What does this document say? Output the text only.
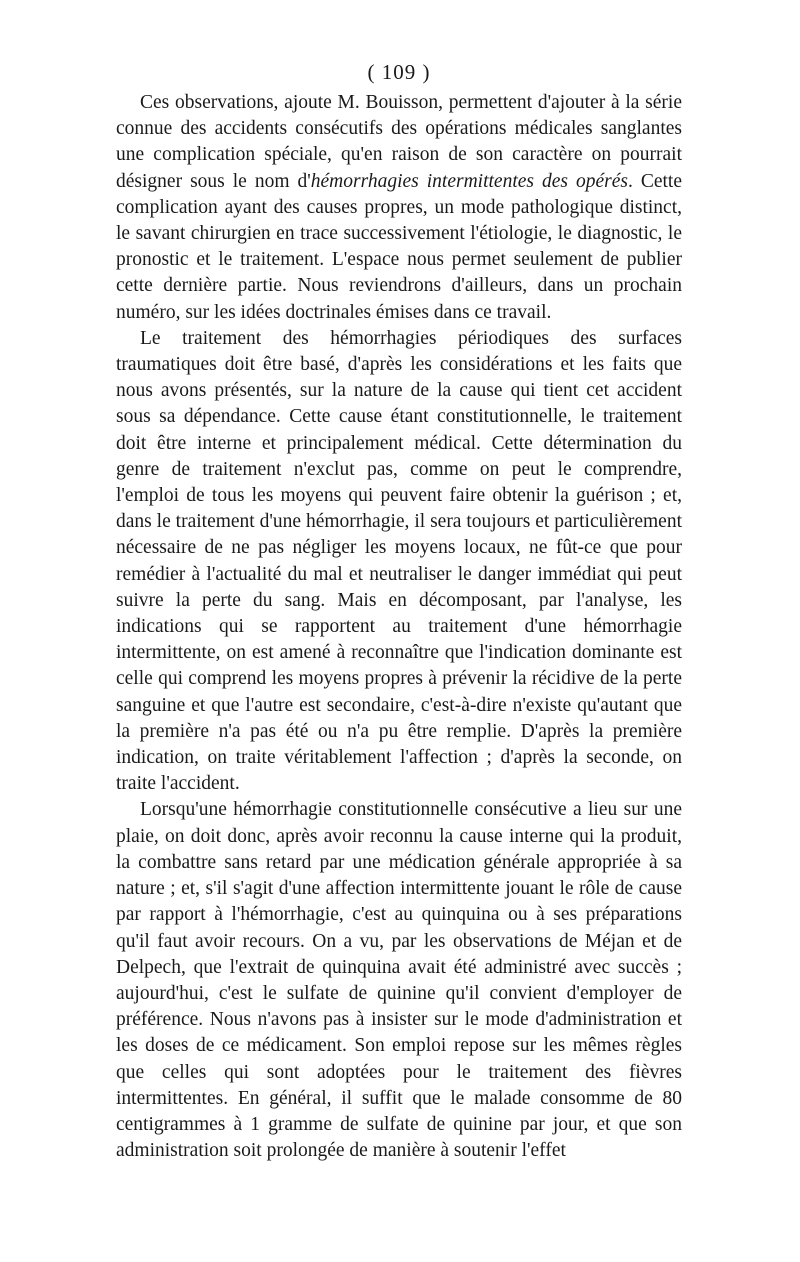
( 109 )

Ces observations, ajoute M. Bouisson, permettent d'ajouter à la série connue des accidents consécutifs des opérations médicales sanglantes une complication spéciale, qu'en raison de son caractère on pourrait désigner sous le nom d'hémorrhagies intermittentes des opérés. Cette complication ayant des causes propres, un mode pathologique distinct, le savant chirurgien en trace successivement l'étiologie, le diagnostic, le pronostic et le traitement. L'espace nous permet seulement de publier cette dernière partie. Nous reviendrons d'ailleurs, dans un prochain numéro, sur les idées doctrinales émises dans ce travail.

Le traitement des hémorrhagies périodiques des surfaces traumatiques doit être basé, d'après les considérations et les faits que nous avons présentés, sur la nature de la cause qui tient cet accident sous sa dépendance. Cette cause étant constitutionnelle, le traitement doit être interne et principalement médical. Cette détermination du genre de traitement n'exclut pas, comme on peut le comprendre, l'emploi de tous les moyens qui peuvent faire obtenir la guérison ; et, dans le traitement d'une hémorrhagie, il sera toujours et particulièrement nécessaire de ne pas négliger les moyens locaux, ne fût-ce que pour remédier à l'actualité du mal et neutraliser le danger immédiat qui peut suivre la perte du sang. Mais en décomposant, par l'analyse, les indications qui se rapportent au traitement d'une hémorrhagie intermittente, on est amené à reconnaître que l'indication dominante est celle qui comprend les moyens propres à prévenir la récidive de la perte sanguine et que l'autre est secondaire, c'est-à-dire n'existe qu'autant que la première n'a pas été ou n'a pu être remplie. D'après la première indication, on traite véritablement l'affection ; d'après la seconde, on traite l'accident.

Lorsqu'une hémorrhagie constitutionnelle consécutive a lieu sur une plaie, on doit donc, après avoir reconnu la cause interne qui la produit, la combattre sans retard par une médication générale appropriée à sa nature ; et, s'il s'agit d'une affection intermittente jouant le rôle de cause par rapport à l'hémorrhagie, c'est au quinquina ou à ses préparations qu'il faut avoir recours. On a vu, par les observations de Méjan et de Delpech, que l'extrait de quinquina avait été administré avec succès ; aujourd'hui, c'est le sulfate de quinine qu'il convient d'employer de préférence. Nous n'avons pas à insister sur le mode d'administration et les doses de ce médicament. Son emploi repose sur les mêmes règles que celles qui sont adoptées pour le traitement des fièvres intermittentes. En général, il suffit que le malade consomme de 80 centigrammes à 1 gramme de sulfate de quinine par jour, et que son administration soit prolongée de manière à soutenir l'effet
